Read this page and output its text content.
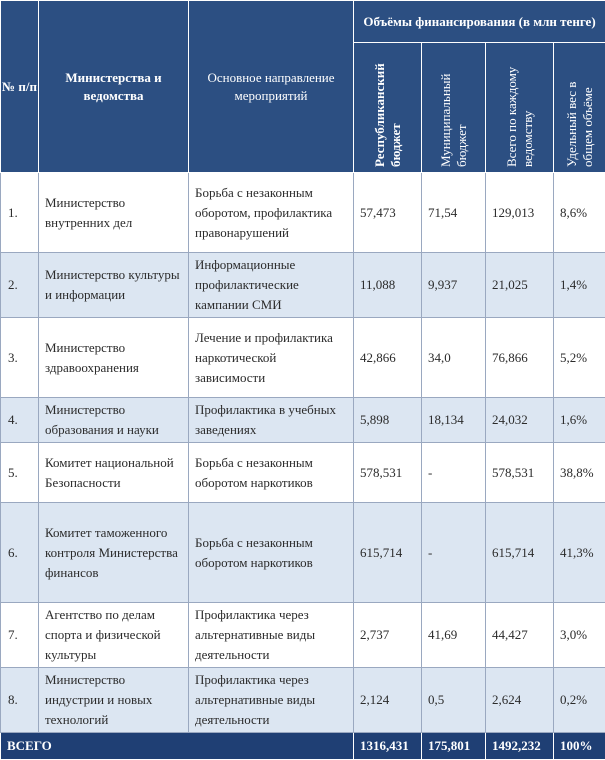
№ п/п	Министерства и ведомства	Основное направление мероприятий	Объёмы финансирования (в млн тенге)			

			Республиканский бюджет	Муниципальный бюджет	Всего по каждому ведомству	Удельный вес в общем объёме

1.	Министерство внутренних дел	Борьба с незаконным оборотом, профилактика правонарушений	57,473	71,54	129,013	8,6%
2.	Министерство культуры и информации	Информационные профилактические кампании СМИ	11,088	9,937	21,025	1,4%
3.	Министерство здравоохранения	Лечение и профилактика наркотической зависимости	42,866	34,0	76,866	5,2%
4.	Министерство образования и науки	Профилактика в учебных заведениях	5,898	18,134	24,032	1,6%
5.	Комитет национальной Безопасности	Борьба с незаконным оборотом наркотиков	578,531	-	578,531	38,8%
6.	Комитет таможенного контроля Министерства финансов	Борьба с незаконным оборотом наркотиков	615,714	-	615,714	41,3%
7.	Агентство по делам спорта и физической культуры	Профилактика через альтернативные виды деятельности	2,737	41,69	44,427	3,0%
8.	Министерство индустрии и новых технологий	Профилактика через альтернативные виды деятельности	2,124	0,5	2,624	0,2%
ВСЕГО			1316,431	175,801	1492,232	100%
